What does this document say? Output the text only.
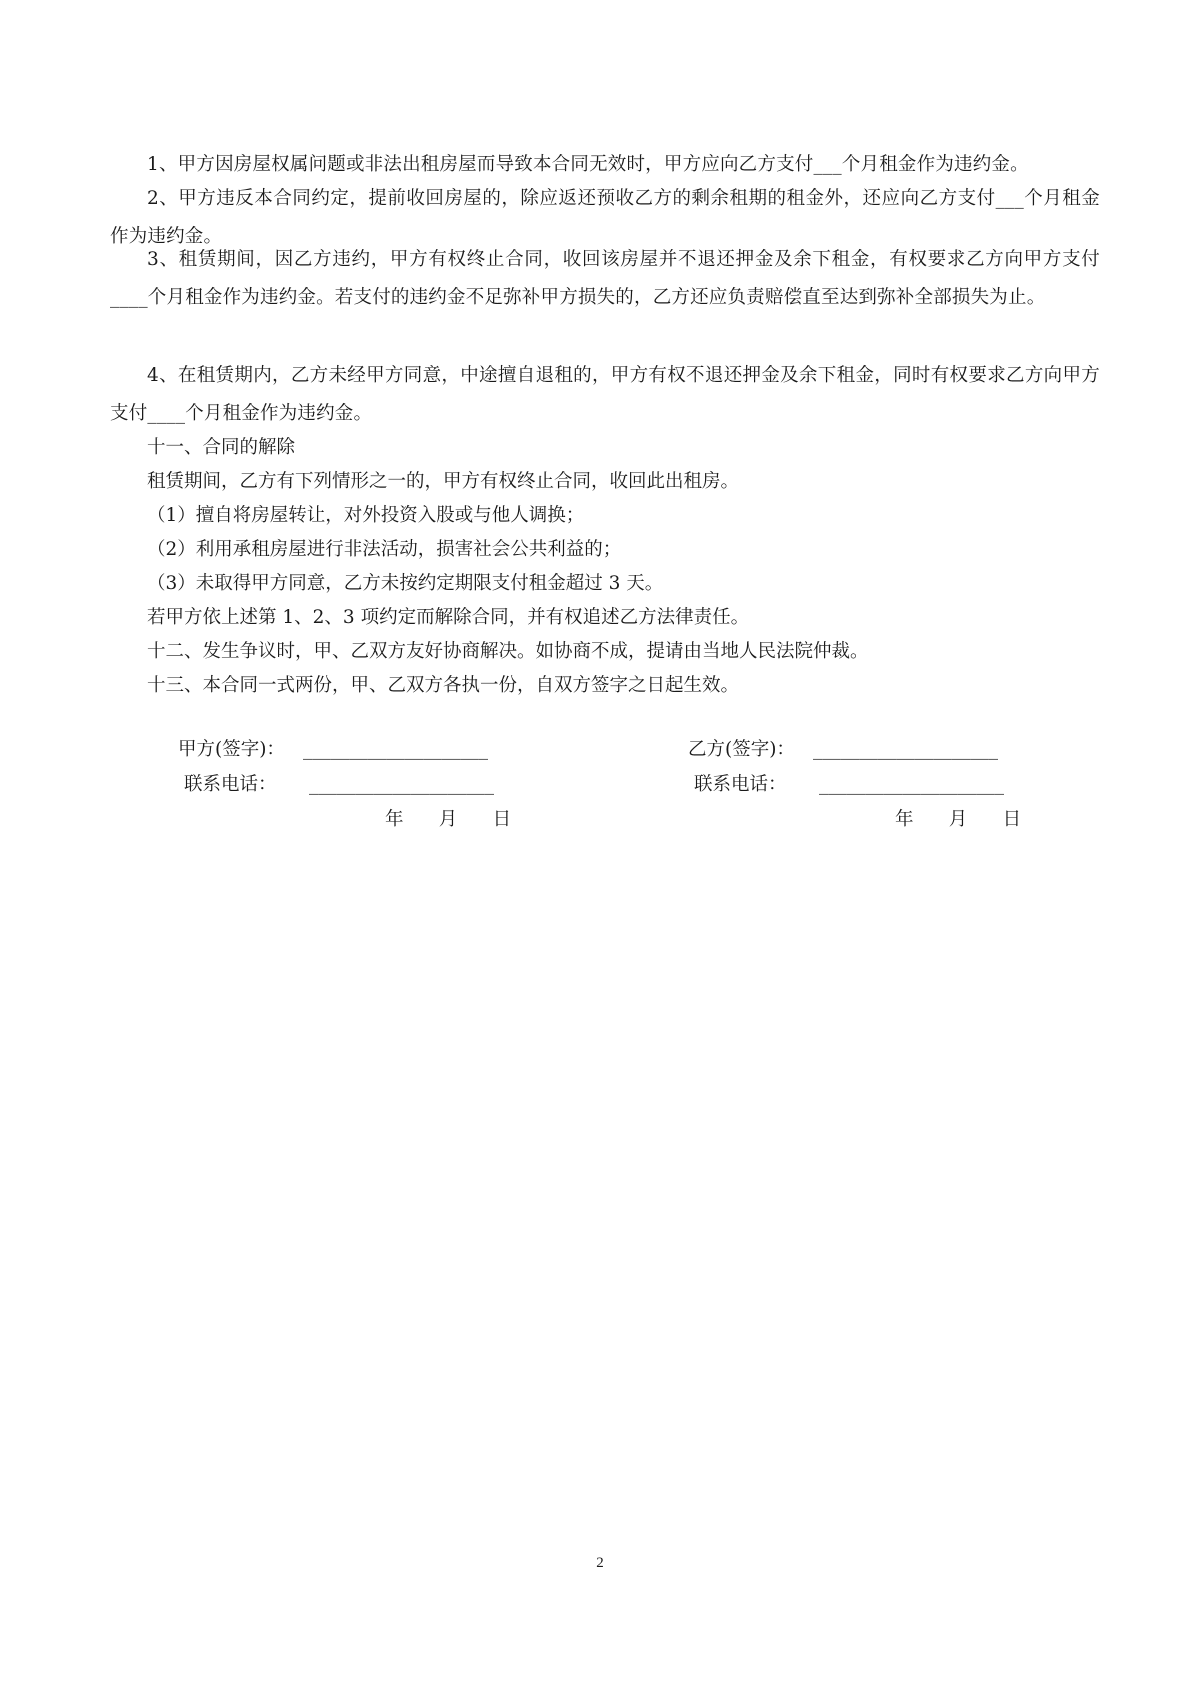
1、甲方因房屋权属问题或非法出租房屋而导致本合同无效时，甲方应向乙方支付___个月租金作为违约金。

2、甲方违反本合同约定，提前收回房屋的，除应返还预收乙方的剩余租期的租金外，还应向乙方支付___个月租金作为违约金。

3、租赁期间，因乙方违约，甲方有权终止合同，收回该房屋并不退还押金及余下租金，有权要求乙方向甲方支付____个月租金作为违约金。若支付的违约金不足弥补甲方损失的，乙方还应负责赔偿直至达到弥补全部损失为止。

4、在租赁期内，乙方未经甲方同意，中途擅自退租的，甲方有权不退还押金及余下租金，同时有权要求乙方向甲方支付____个月租金作为违约金。

十一、合同的解除

租赁期间，乙方有下列情形之一的，甲方有权终止合同，收回此出租房。

（1）擅自将房屋转让，对外投资入股或与他人调换；

（2）利用承租房屋进行非法活动，损害社会公共利益的；

（3）未取得甲方同意，乙方未按约定期限支付租金超过 3 天。

若甲方依上述第 1、2、3 项约定而解除合同，并有权追述乙方法律责任。

十二、发生争议时，甲、乙双方友好协商解决。如协商不成，提请由当地人民法院仲裁。

十三、本合同一式两份，甲、乙双方各执一份，自双方签字之日起生效。

甲方(签字)： ____________________
联系电话： ____________________
年      月      日
乙方(签字)： ____________________
联系电话： ____________________
年      月      日
2
